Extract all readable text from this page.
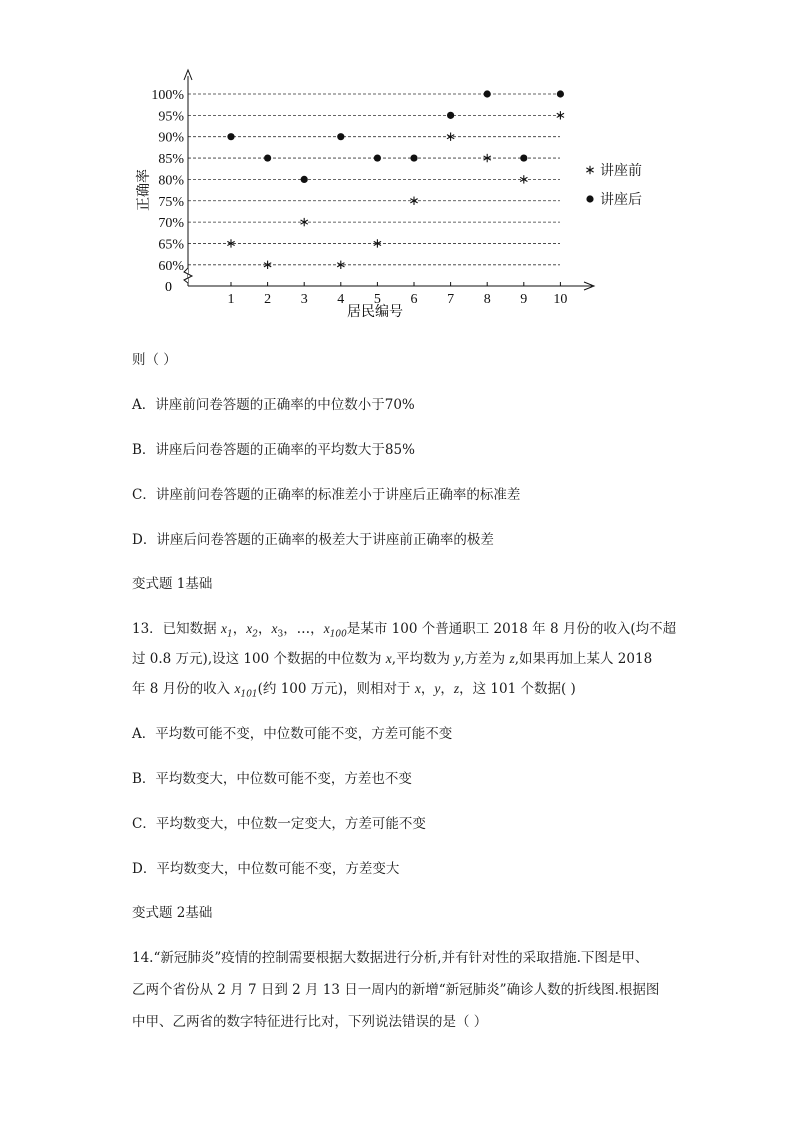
100%
95%
90%
85%
80%
75%
70%
65%
60%
1 2 3 4 5 6 7 8 9 10
正确率
居民编号
0
讲座前
讲座后
则（ ）
A．讲座前问卷答题的正确率的中位数小于70%
B．讲座后问卷答题的正确率的平均数大于85%
C．讲座前问卷答题的正确率的标准差小于讲座后正确率的标准差
D．讲座后问卷答题的正确率的极差大于讲座前正确率的极差
变式题 1基础
13．已知数据 $x_1$，$x_2$，$x_3$，…，$x_{100}$是某市 100 个普通职工 2018 年 8 月份的收入(均不超
过 0.8 万元),设这 100 个数据的中位数为 x,平均数为 y,方差为 z,如果再加上某人 2018
年 8 月份的收入 $x_{101}$(约 100 万元)，则相对于 x，y，z，这 101 个数据( )
A．平均数可能不变，中位数可能不变，方差可能不变
B．平均数变大，中位数可能不变，方差也不变
C．平均数变大，中位数一定变大，方差可能不变
D．平均数变大，中位数可能不变，方差变大
变式题 2基础
14.“新冠肺炎”疫情的控制需要根据大数据进行分析,并有针对性的采取措施.下图是甲、
乙两个省份从 2 月 7 日到 2 月 13 日一周内的新增“新冠肺炎”确诊人数的折线图.根据图
中甲、乙两省的数字特征进行比对，下列说法错误的是（ ）
